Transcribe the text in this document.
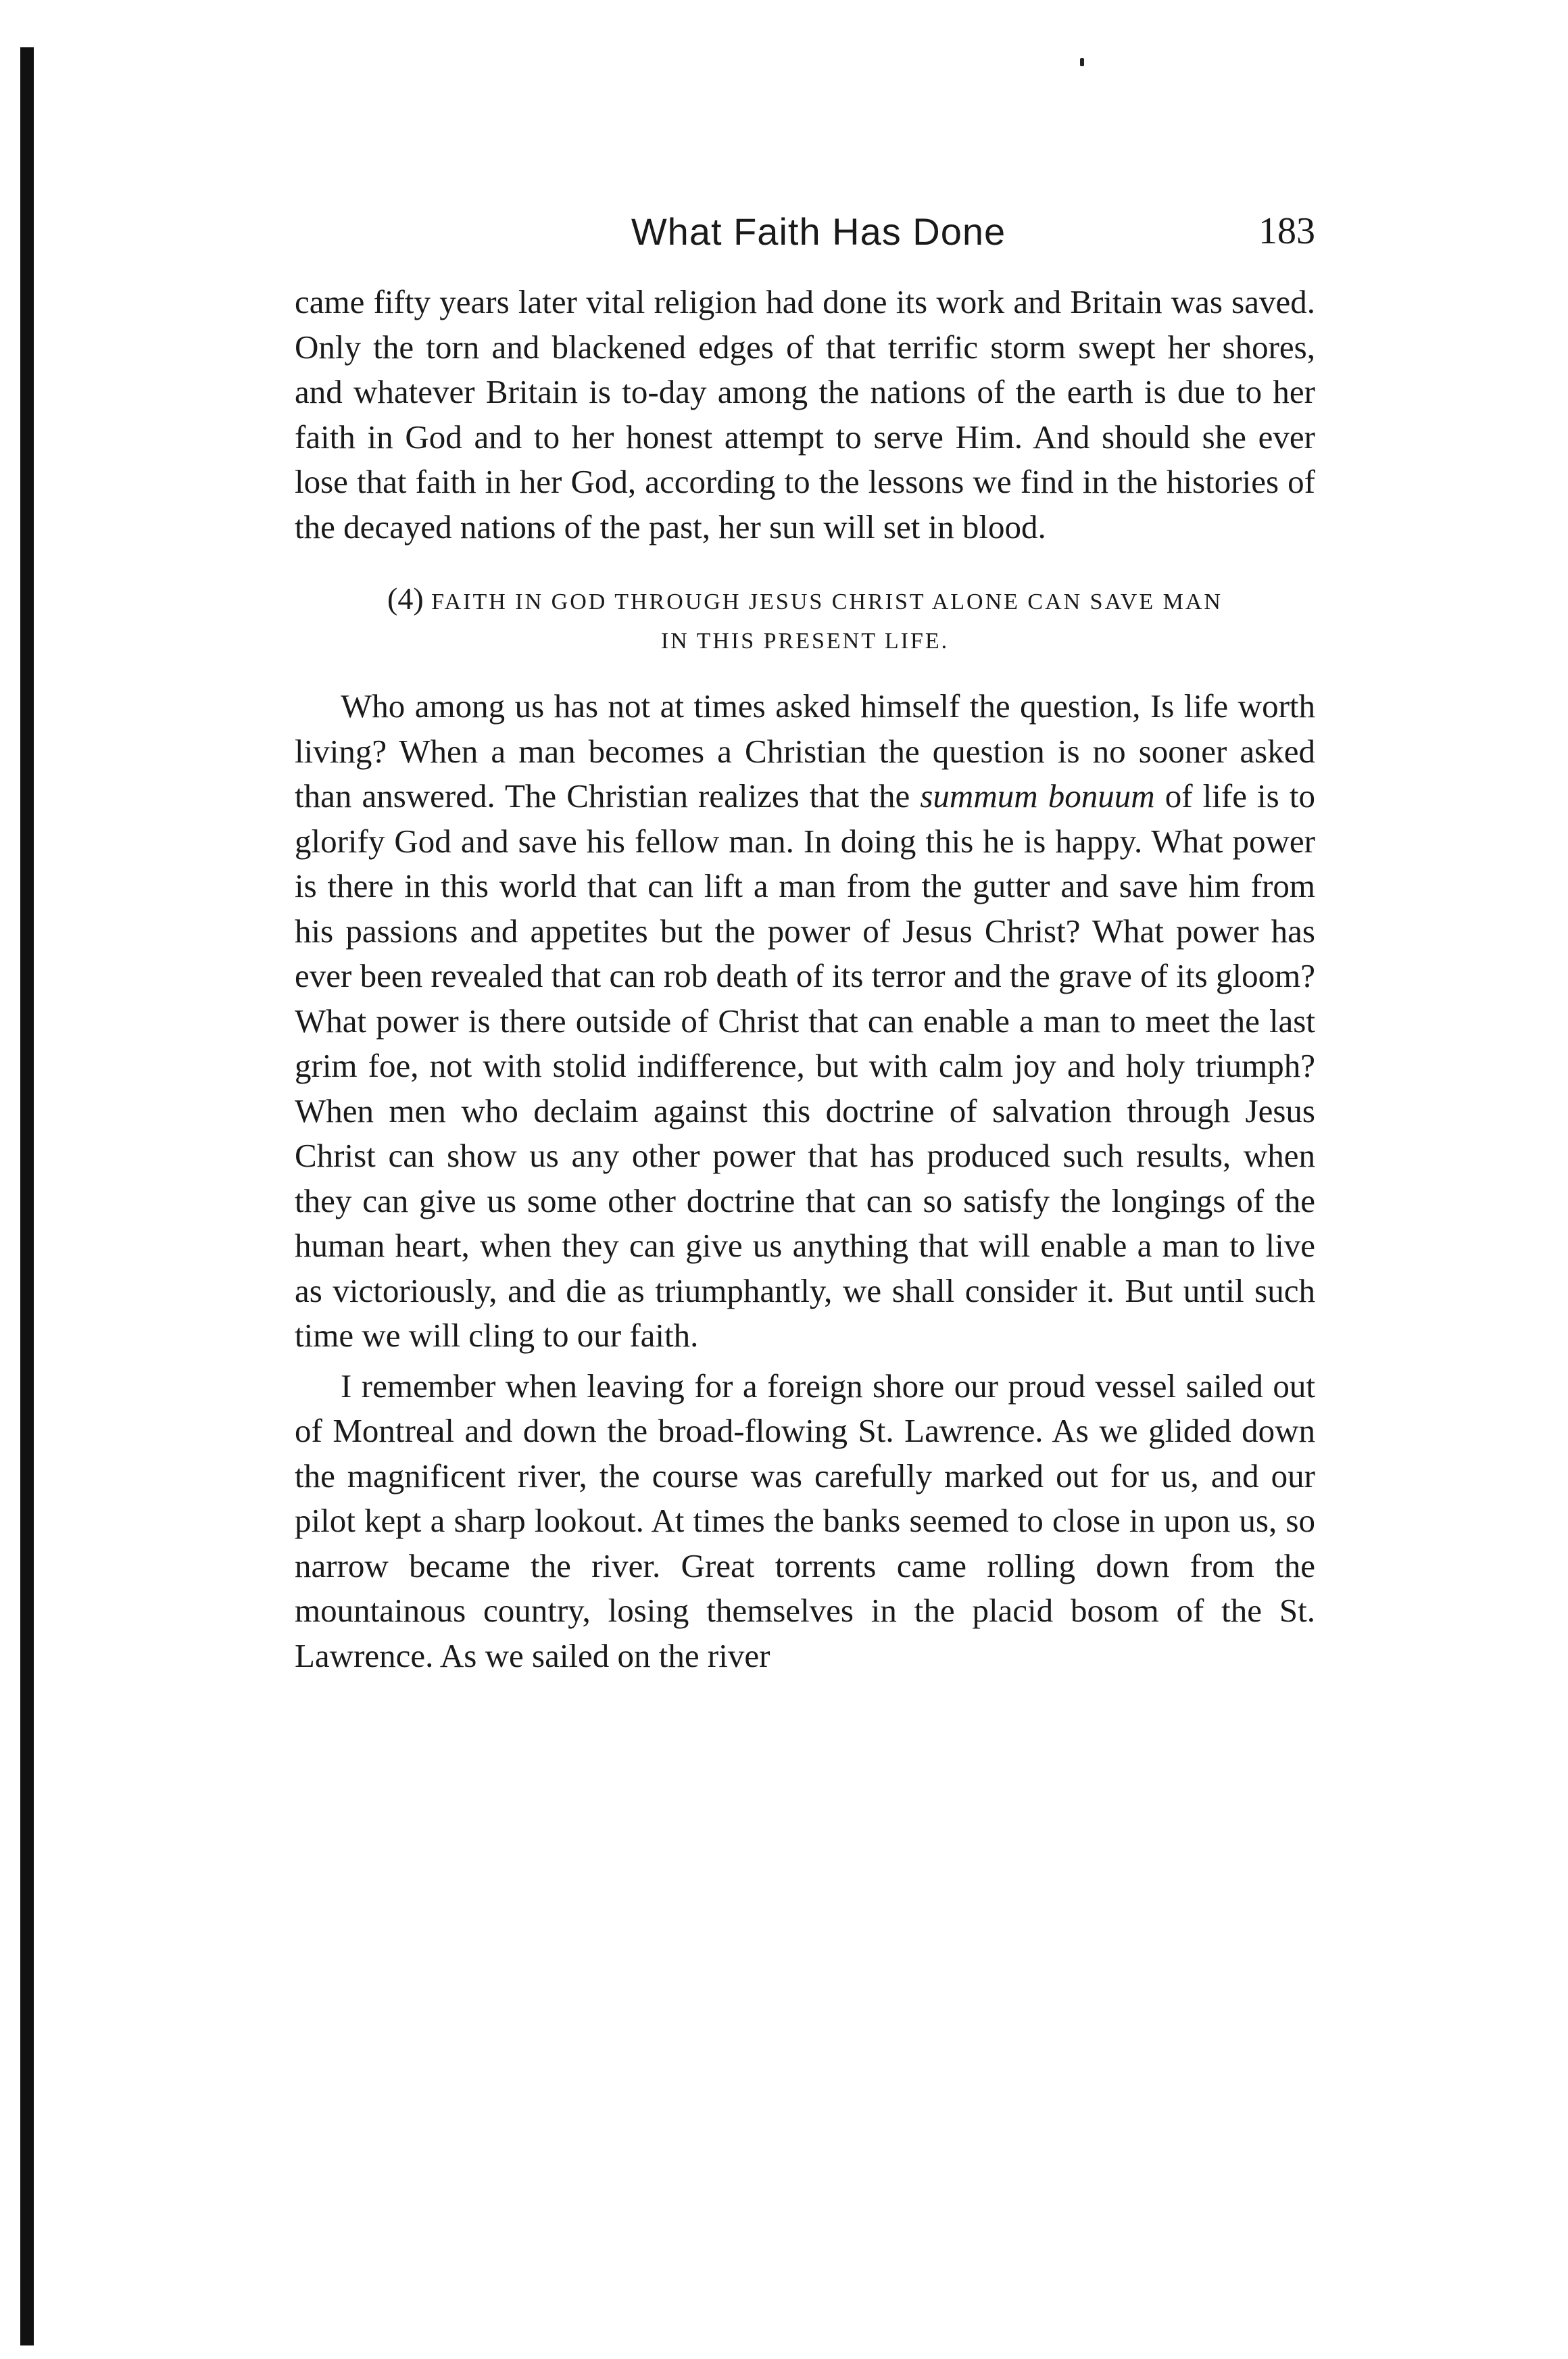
What Faith Has Done	183

came fifty years later vital religion had done its work and Britain was saved. Only the torn and blackened edges of that terrific storm swept her shores, and whatever Britain is to-day among the nations of the earth is due to her faith in God and to her honest attempt to serve Him. And should she ever lose that faith in her God, according to the lessons we find in the histories of the decayed nations of the past, her sun will set in blood.

(4) FAITH IN GOD THROUGH JESUS CHRIST ALONE CAN SAVE MAN
IN THIS PRESENT LIFE.

Who among us has not at times asked himself the question, Is life worth living? When a man becomes a Christian the question is no sooner asked than answered. The Christian realizes that the summum bonuum of life is to glorify God and save his fellow man. In doing this he is happy. What power is there in this world that can lift a man from the gutter and save him from his passions and appetites but the power of Jesus Christ? What power has ever been revealed that can rob death of its terror and the grave of its gloom? What power is there outside of Christ that can enable a man to meet the last grim foe, not with stolid indifference, but with calm joy and holy triumph? When men who declaim against this doctrine of salvation through Jesus Christ can show us any other power that has produced such results, when they can give us some other doctrine that can so satisfy the longings of the human heart, when they can give us anything that will enable a man to live as victoriously, and die as triumphantly, we shall consider it. But until such time we will cling to our faith.

I remember when leaving for a foreign shore our proud vessel sailed out of Montreal and down the broad-flowing St. Lawrence. As we glided down the magnificent river, the course was carefully marked out for us, and our pilot kept a sharp lookout. At times the banks seemed to close in upon us, so narrow became the river. Great torrents came rolling down from the mountainous country, losing themselves in the placid bosom of the St. Lawrence. As we sailed on the river
